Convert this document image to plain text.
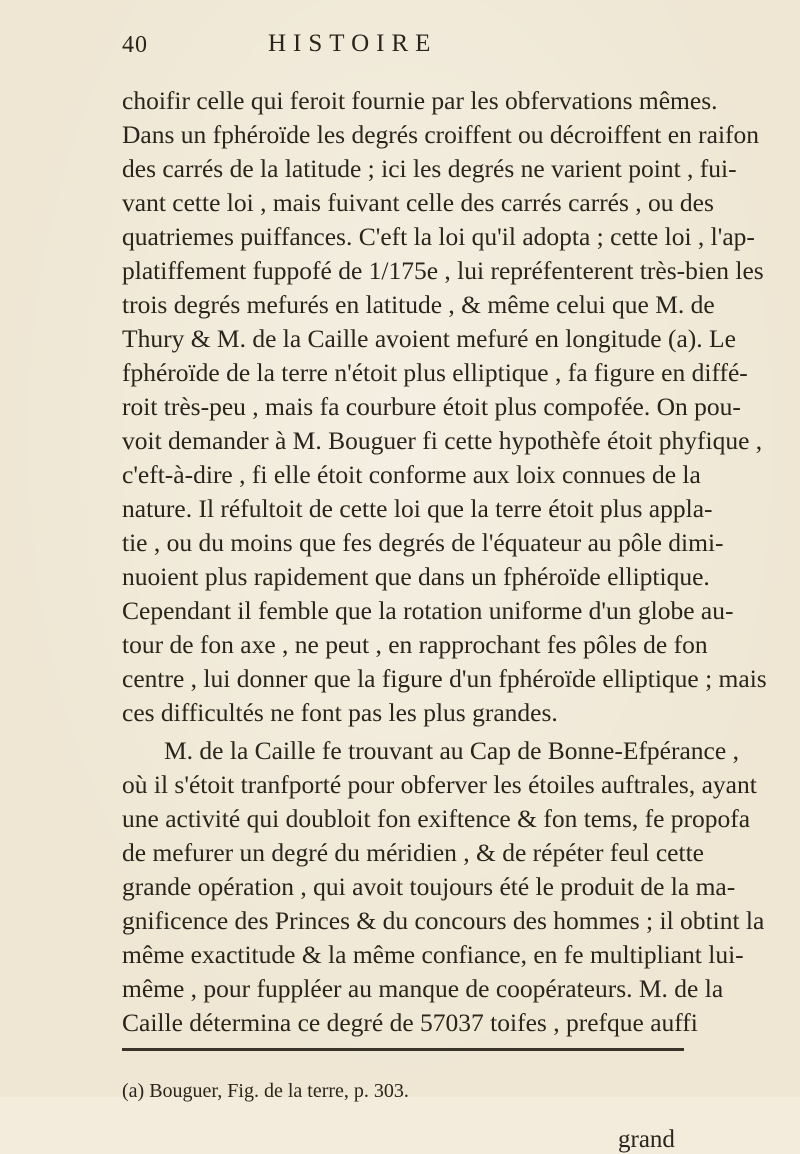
40	HISTOIRE
choifir celle qui feroit fournie par les obfervations mêmes.
Dans un fphéroïde les degrés croiffent ou décroiffent en raifon
des carrés de la latitude ; ici les degrés ne varient point , fui-
vant cette loi , mais fuivant celle des carrés carrés , ou des
quatriemes puiffances. C'eft la loi qu'il adopta ; cette loi , l'ap-
platiffement fuppofé de 1/175e , lui repréfenterent très-bien les
trois degrés mefurés en latitude , & même celui que M. de
Thury & M. de la Caille avoient mefuré en longitude (a). Le
fphéroïde de la terre n'étoit plus elliptique , fa figure en diffé-
roit très-peu , mais fa courbure étoit plus compofée. On pou-
voit demander à M. Bouguer fi cette hypothèfe étoit phyfique ,
c'eft-à-dire , fi elle étoit conforme aux loix connues de la
nature. Il réfultoit de cette loi que la terre étoit plus appla-
tie , ou du moins que fes degrés de l'équateur au pôle dimi-
nuoient plus rapidement que dans un fphéroïde elliptique.
Cependant il femble que la rotation uniforme d'un globe au-
tour de fon axe , ne peut , en rapprochant fes pôles de fon
centre , lui donner que la figure d'un fphéroïde elliptique ; mais
ces difficultés ne font pas les plus grandes.
M. de la Caille fe trouvant au Cap de Bonne-Efpérance ,
où il s'étoit tranfporté pour obferver les étoiles auftrales, ayant
une activité qui doubloit fon exiftence & fon tems, fe propofa
de mefurer un degré du méridien , & de répéter feul cette
grande opération , qui avoit toujours été le produit de la ma-
gnificence des Princes & du concours des hommes ; il obtint la
même exactitude & la même confiance, en fe multipliant lui-
même , pour fuppléer au manque de coopérateurs. M. de la
Caille détermina ce degré de 57037 toifes , prefque auffi
(a) Bouguer, Fig. de la terre, p. 303.
grand
